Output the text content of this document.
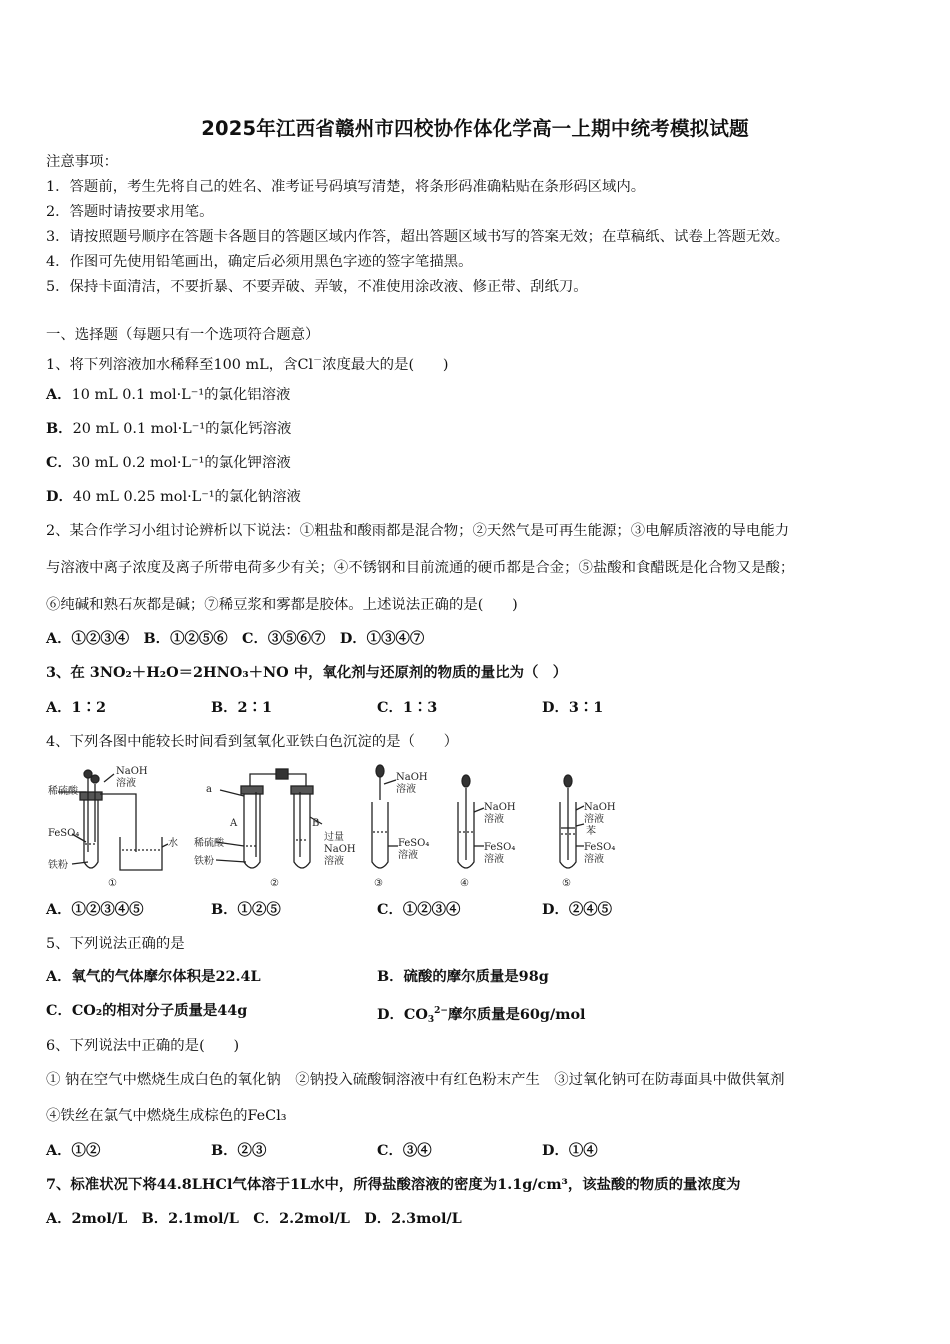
2025年江西省赣州市四校协作体化学高一上期中统考模拟试题
注意事项：
1．答题前，考生先将自己的姓名、准考证号码填写清楚，将条形码准确粘贴在条形码区域内。
2．答题时请按要求用笔。
3．请按照题号顺序在答题卡各题目的答题区域内作答，超出答题区域书写的答案无效；在草稿纸、试卷上答题无效。
4．作图可先使用铅笔画出，确定后必须用黑色字迹的签字笔描黑。
5．保持卡面清洁，不要折暴、不要弄破、弄皱，不准使用涂改液、修正带、刮纸刀。
一、选择题（每题只有一个选项符合题意）
1、将下列溶液加水稀释至100 mL，含Cl－浓度最大的是(　　)
A．10 mL 0.1 mol·L⁻¹的氯化铝溶液
B．20 mL 0.1 mol·L⁻¹的氯化钙溶液
C．30 mL 0.2 mol·L⁻¹的氯化钾溶液
D．40 mL 0.25 mol·L⁻¹的氯化钠溶液
2、某合作学习小组讨论辨析以下说法：①粗盐和酸雨都是混合物；②天然气是可再生能源；③电解质溶液的导电能力
与溶液中离子浓度及离子所带电荷多少有关；④不锈钢和目前流通的硬币都是合金；⑤盐酸和食醋既是化合物又是酸；
⑥纯碱和熟石灰都是碱；⑦稀豆浆和雾都是胶体。上述说法正确的是(　　)
A．①②③④　B．①②⑤⑥　C．③⑤⑥⑦　D．①③④⑦
3、在 3NO₂＋H₂O＝2HNO₃＋NO 中，氧化剂与还原剂的物质的量比为（　）
A．1∶2	B．2∶1	C．1∶3	D．3∶1
4、下列各图中能较长时间看到氢氧化亚铁白色沉淀的是（　　）
稀硫酸
NaOH
溶液
FeSO₄
铁粉
水
①
a
A	B
稀硫酸
铁粉
过量
NaOH
溶液
②
NaOH
溶液
FeSO₄
溶液
③
NaOH
溶液
FeSO₄
溶液
④
NaOH
溶液
苯
FeSO₄
溶液
⑤
A．①②③④⑤	B．①②⑤	C．①②③④	D．②④⑤
5、下列说法正确的是
A．氧气的气体摩尔体积是22.4L	B．硫酸的摩尔质量是98g
C．CO₂的相对分子质量是44g	D．$CO_3^{2-}$摩尔质量是60g/mol
6、下列说法中正确的是(　　)
① 钠在空气中燃烧生成白色的氧化钠　②钠投入硫酸铜溶液中有红色粉末产生　③过氧化钠可在防毒面具中做供氧剂
④铁丝在氯气中燃烧生成棕色的FeCl₃
A．①②	B．②③	C．③④	D．①④
7、标准状况下将44.8LHCl气体溶于1L水中，所得盐酸溶液的密度为1.1g/cm³，该盐酸的物质的量浓度为
A．2mol/L　B．2.1mol/L　C．2.2mol/L　D．2.3mol/L
